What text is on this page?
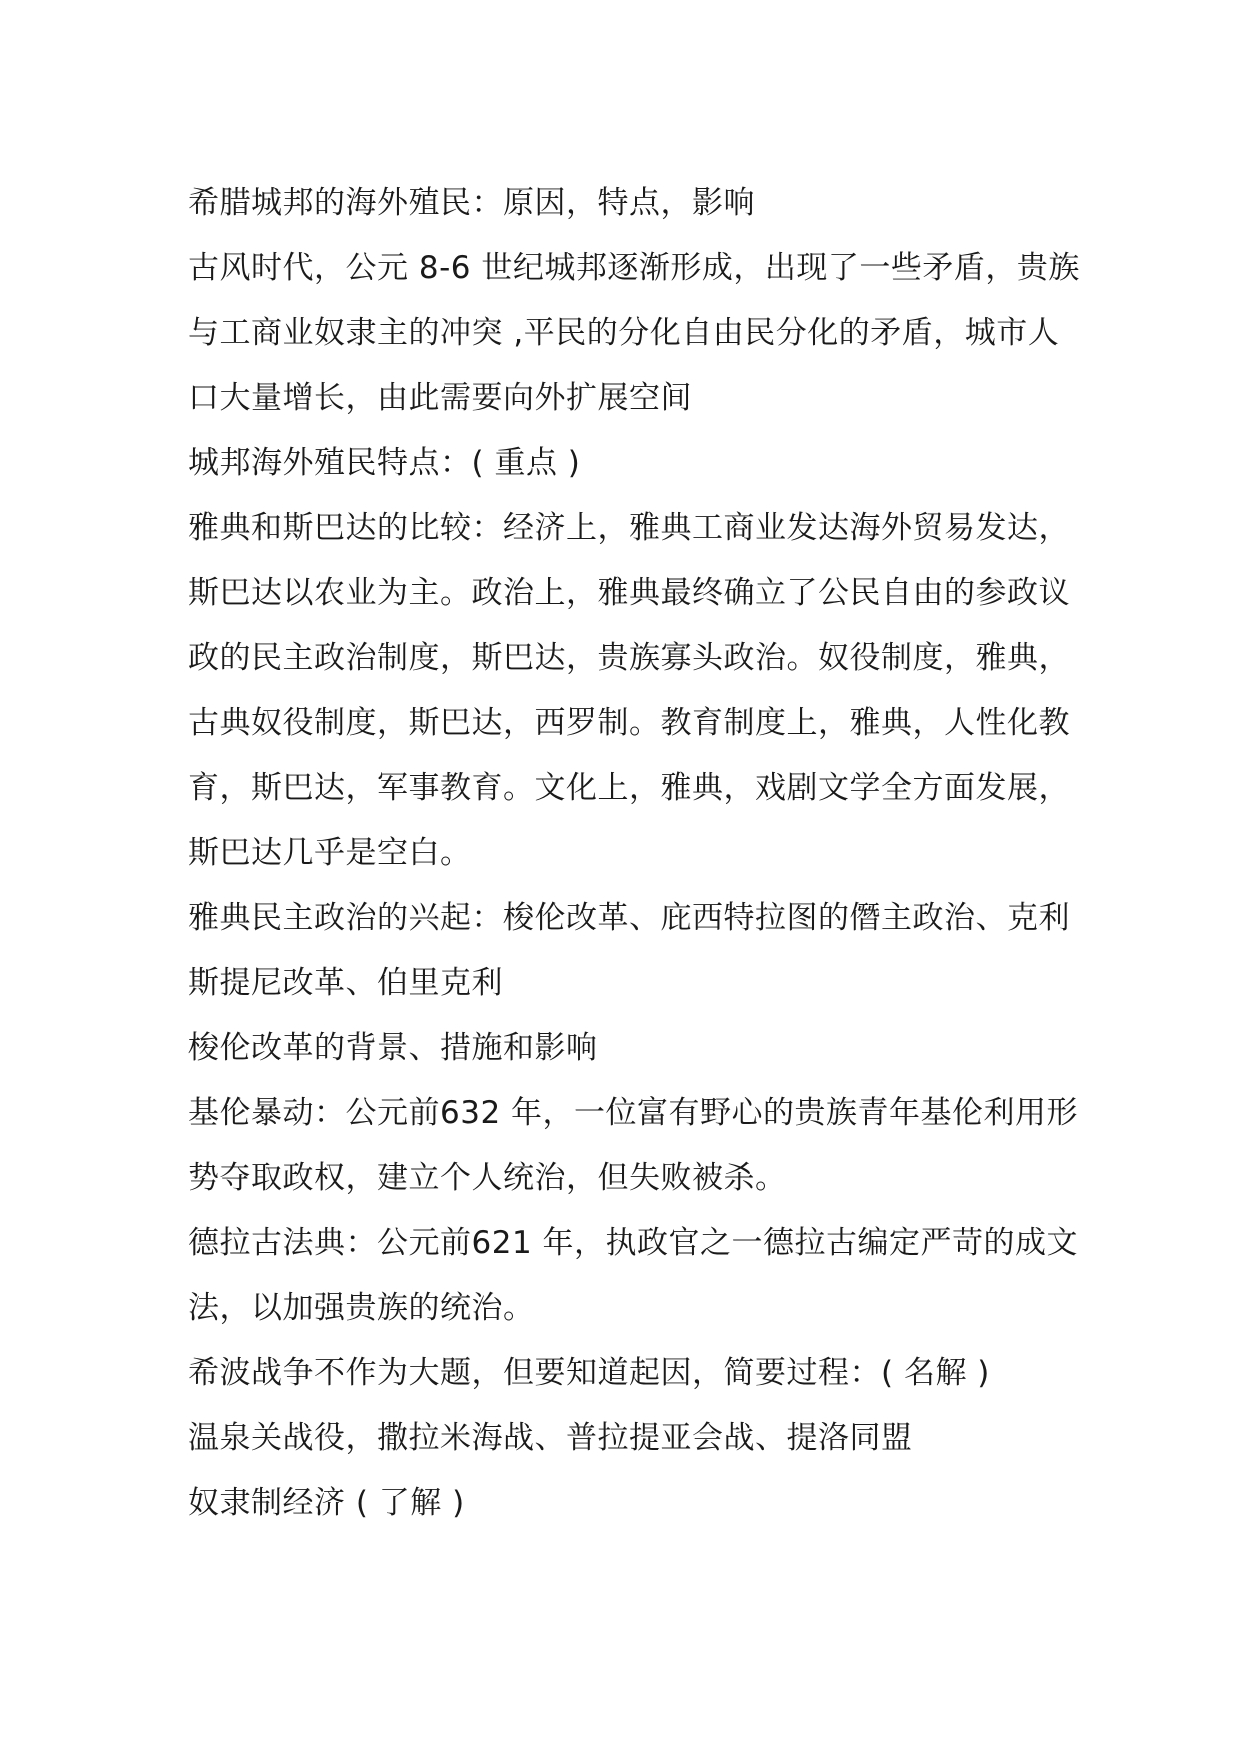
希腊城邦的海外殖民：原因，特点，影响

古风时代，公元 8-6 世纪城邦逐渐形成，出现了一些矛盾，贵族与工商业奴隶主的冲突 ,平民的分化自由民分化的矛盾，城市人口大量增长，由此需要向外扩展空间

城邦海外殖民特点：( 重点 )

雅典和斯巴达的比较：经济上，雅典工商业发达海外贸易发达，斯巴达以农业为主。政治上，雅典最终确立了公民自由的参政议政的民主政治制度，斯巴达，贵族寡头政治。奴役制度，雅典，古典奴役制度，斯巴达，西罗制。教育制度上，雅典，人性化教育，斯巴达，军事教育。文化上，雅典，戏剧文学全方面发展，斯巴达几乎是空白。

雅典民主政治的兴起：梭伦改革、庇西特拉图的僭主政治、克利斯提尼改革、伯里克利

梭伦改革的背景、措施和影响

基伦暴动：公元前632 年，一位富有野心的贵族青年基伦利用形势夺取政权，建立个人统治，但失败被杀。

德拉古法典：公元前621 年，执政官之一德拉古编定严苛的成文法，以加强贵族的统治。

希波战争不作为大题，但要知道起因，简要过程：( 名解 )

温泉关战役，撒拉米海战、普拉提亚会战、提洛同盟

奴隶制经济 ( 了解 )
